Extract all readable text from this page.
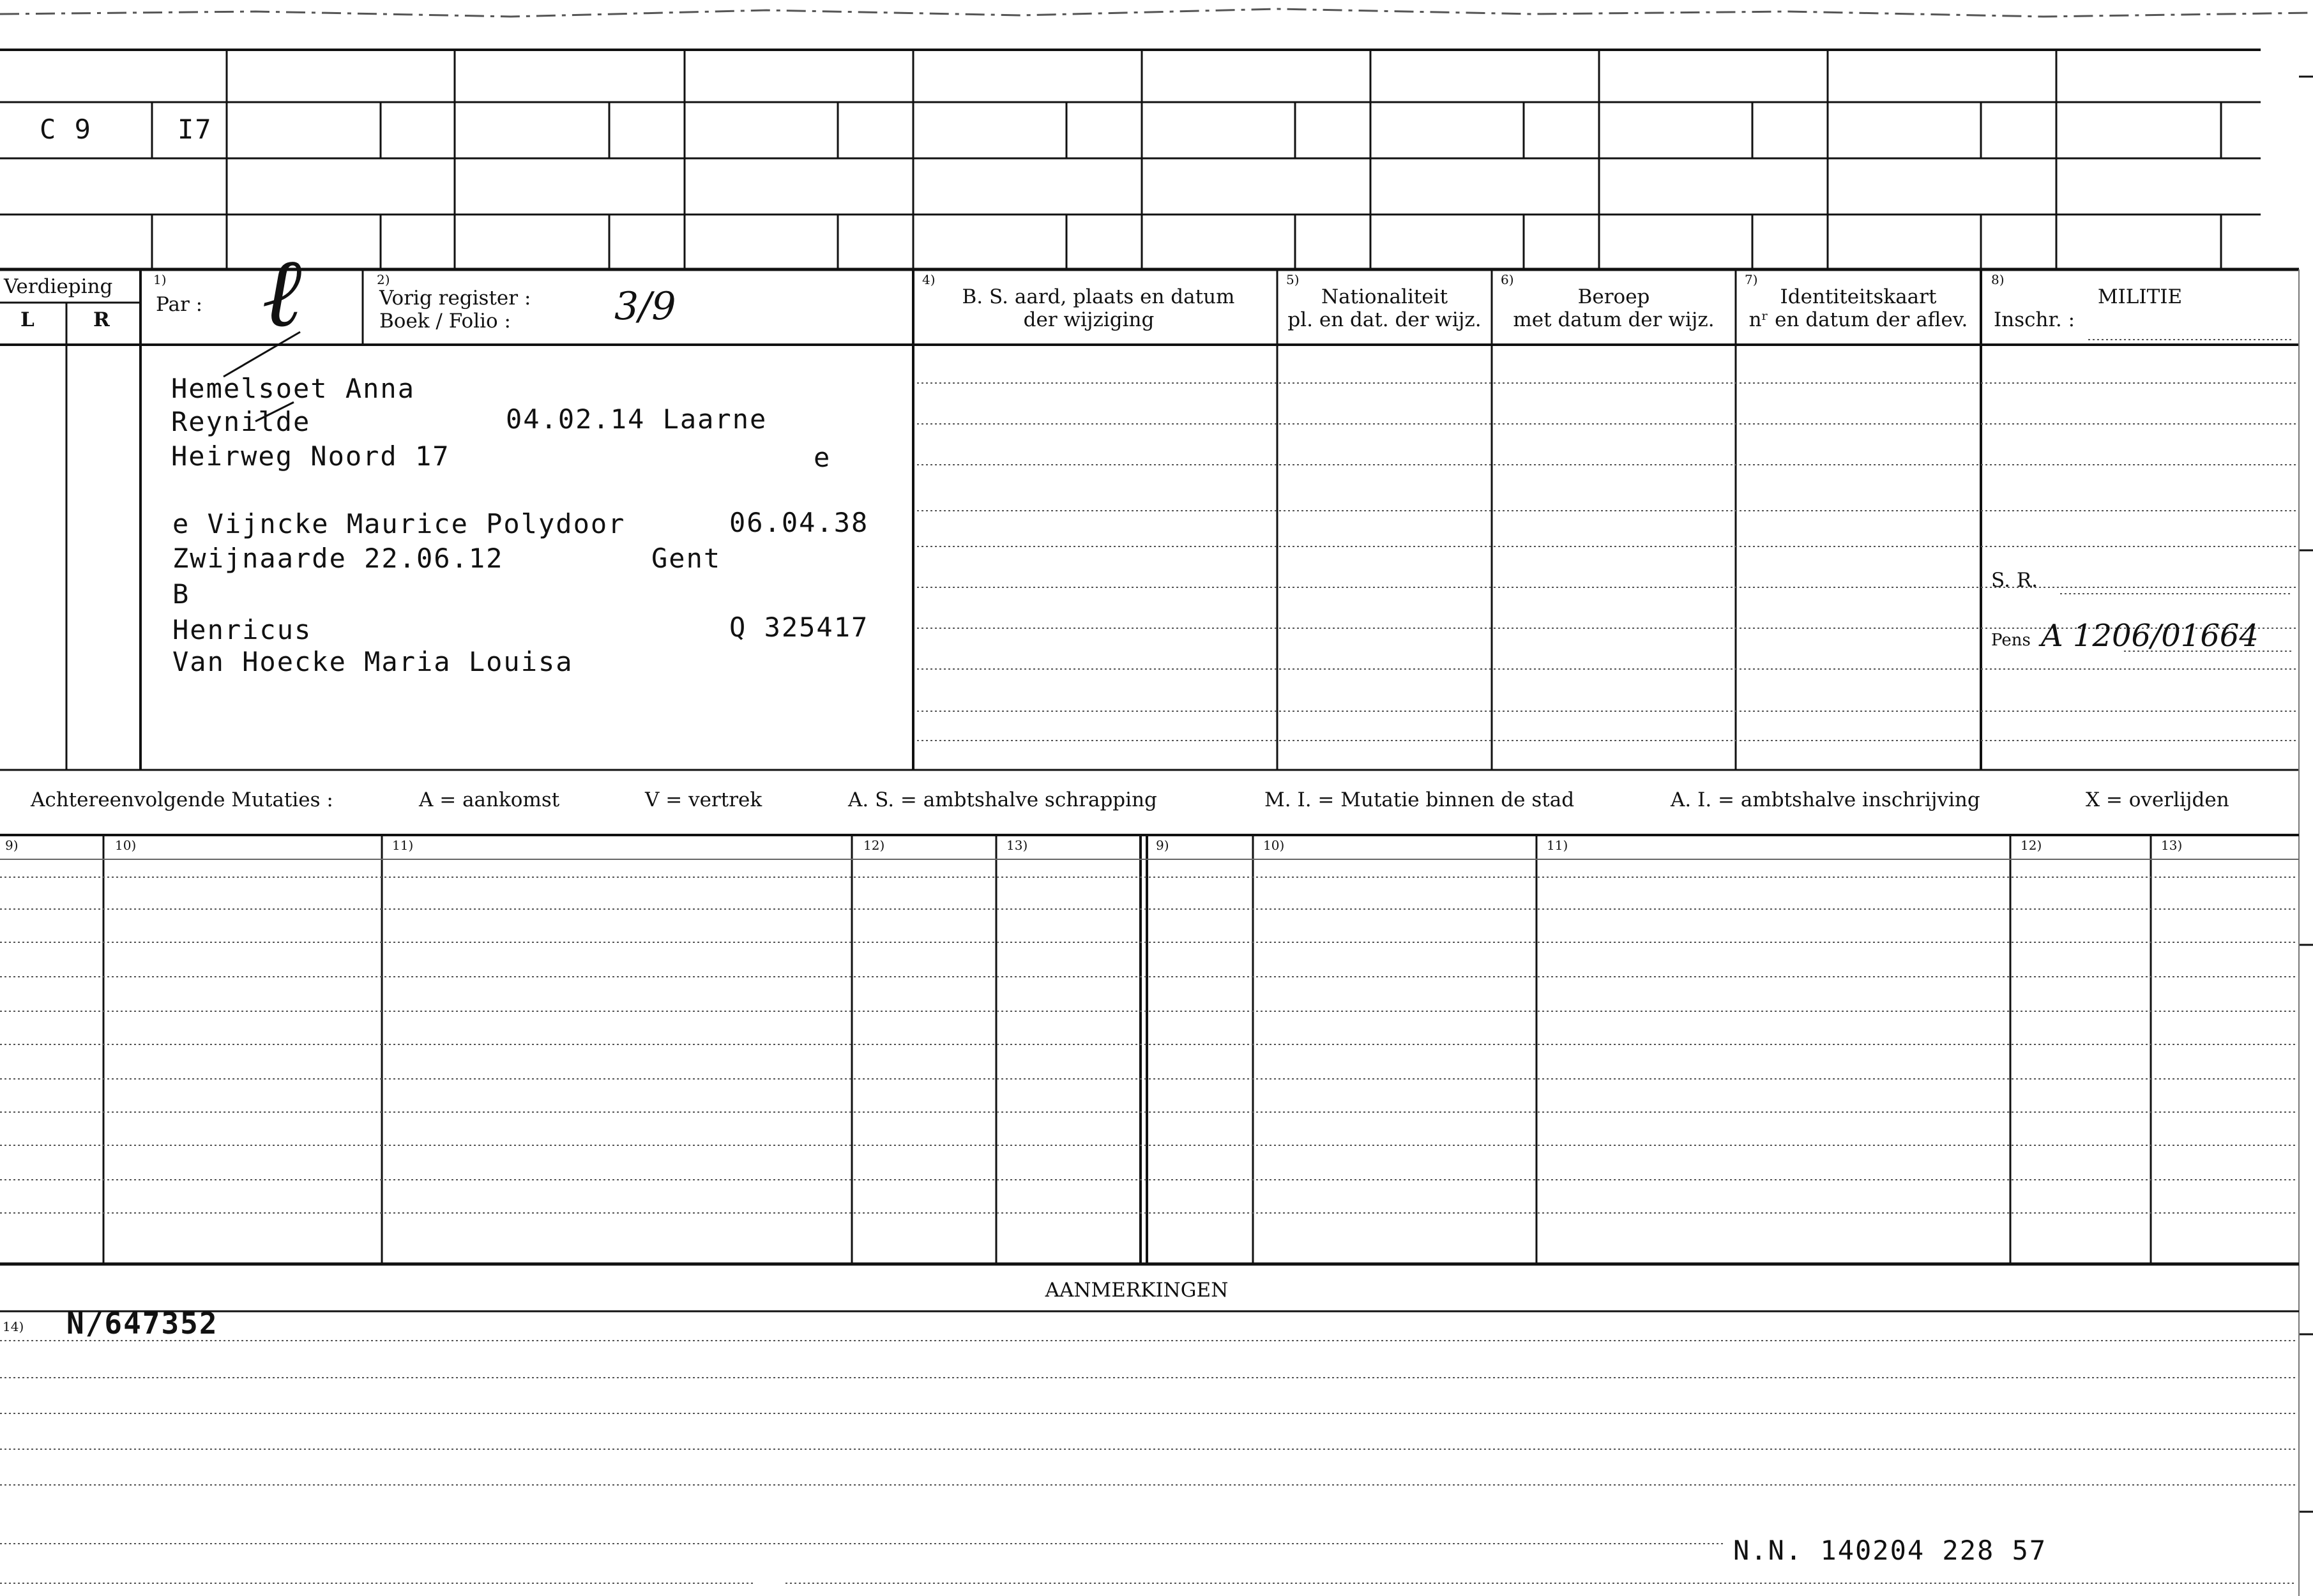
C 9	I7
Verdieping
L	R
1)
Par : ℓ	2)
Vorig register :
Boek / Folio :	3/9
4)
B. S. aard, plaats en datum
der wijziging
5)
Nationaliteit
pl. en dat. der wijz.
6)
Beroep
met datum der wijz.
7)
Identiteitskaart
nʳ en datum der aflev.
8)
MILITIE
Inschr. :
S. R.
Pens A 1206/01664
Hemelsoet Anna
Reynilde	04.02.14 Laarne
Heirweg Noord 17	e
e Vijncke Maurice Polydoor	06.04.38
Zwijnaarde 22.06.12	Gent
B
Henricus	Q 325417
Van Hoecke Maria Louisa
Achtereenvolgende Mutaties :	A = aankomst	V = vertrek	A. S. = ambtshalve schrapping	M. I. = Mutatie binnen de stad	A. I. = ambtshalve inschrijving	X = overlijden
9)	10)	11)	12)	13)	9)	10)	11)	12)	13)
AANMERKINGEN
14) N/647352
N.N. 140204 228 57
